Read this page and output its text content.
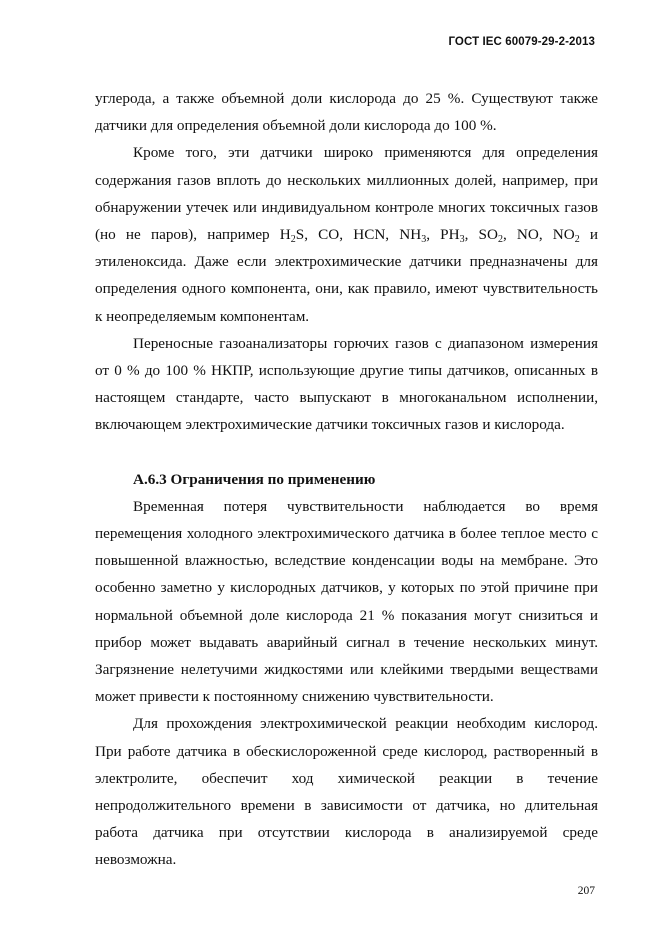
ГОСТ IEC 60079-29-2-2013

углерода, а также объемной доли кислорода до 25 %. Существуют также датчики для определения объемной доли кислорода до 100 %.

Кроме того, эти датчики широко применяются для определения содержания газов вплоть до нескольких миллионных долей, например, при обнаружении утечек или индивидуальном контроле многих токсичных газов (но не паров), например $H_2S$, CO, HCN, $NH_3$, $PH_3$, $SO_2$, NO, $NO_2$ и этиленоксида. Даже если электрохимические датчики предназначены для определения одного компонента, они, как правило, имеют чувствительность к неопределяемым компонентам.

Переносные газоанализаторы горючих газов с диапазоном измерения от 0 % до 100 % НКПР, использующие другие типы датчиков, описанных в настоящем стандарте, часто выпускают в многоканальном исполнении, включающем электрохимические датчики токсичных газов и кислорода.

А.6.3 Ограничения по применению

Временная потеря чувствительности наблюдается во время перемещения холодного электрохимического датчика в более теплое место с повышенной влажностью, вследствие конденсации воды на мембране. Это особенно заметно у кислородных датчиков, у которых по этой причине при нормальной объемной доле кислорода 21 % показания могут снизиться и прибор может выдавать аварийный сигнал в течение нескольких минут. Загрязнение нелетучими жидкостями или клейкими твердыми веществами может привести к постоянному снижению чувствительности.

Для прохождения электрохимической реакции необходим кислород. При работе датчика в обескислороженной среде кислород, растворенный в электролите, обеспечит ход химической реакции в течение непродолжительного времени в зависимости от датчика, но длительная работа датчика при отсутствии кислорода в анализируемой среде невозможна.

207
